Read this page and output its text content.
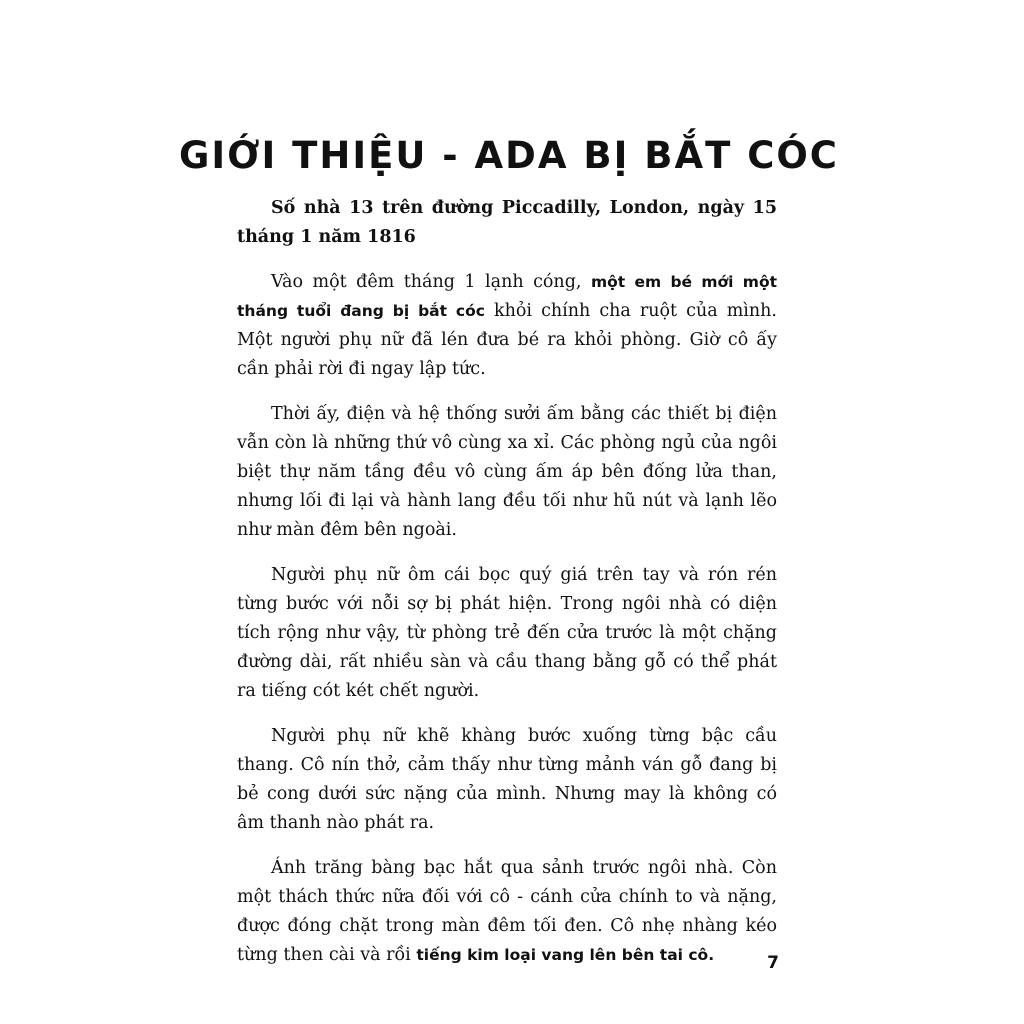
GIỚI THIỆU - ADA BỊ BẮT CÓC

Số nhà 13 trên đường Piccadilly, London, ngày 15 tháng 1 năm 1816

Vào một đêm tháng 1 lạnh cóng, một em bé mới một tháng tuổi đang bị bắt cóc khỏi chính cha ruột của mình. Một người phụ nữ đã lén đưa bé ra khỏi phòng. Giờ cô ấy cần phải rời đi ngay lập tức.

Thời ấy, điện và hệ thống sưởi ấm bằng các thiết bị điện vẫn còn là những thứ vô cùng xa xỉ. Các phòng ngủ của ngôi biệt thự năm tầng đều vô cùng ấm áp bên đống lửa than, nhưng lối đi lại và hành lang đều tối như hũ nút và lạnh lẽo như màn đêm bên ngoài.

Người phụ nữ ôm cái bọc quý giá trên tay và rón rén từng bước với nỗi sợ bị phát hiện. Trong ngôi nhà có diện tích rộng như vậy, từ phòng trẻ đến cửa trước là một chặng đường dài, rất nhiều sàn và cầu thang bằng gỗ có thể phát ra tiếng cót két chết người.

Người phụ nữ khẽ khàng bước xuống từng bậc cầu thang. Cô nín thở, cảm thấy như từng mảnh ván gỗ đang bị bẻ cong dưới sức nặng của mình. Nhưng may là không có âm thanh nào phát ra.

Ánh trăng bàng bạc hắt qua sảnh trước ngôi nhà. Còn một thách thức nữa đối với cô - cánh cửa chính to và nặng, được đóng chặt trong màn đêm tối đen. Cô nhẹ nhàng kéo từng then cài và rồi tiếng kim loại vang lên bên tai cô.	7
